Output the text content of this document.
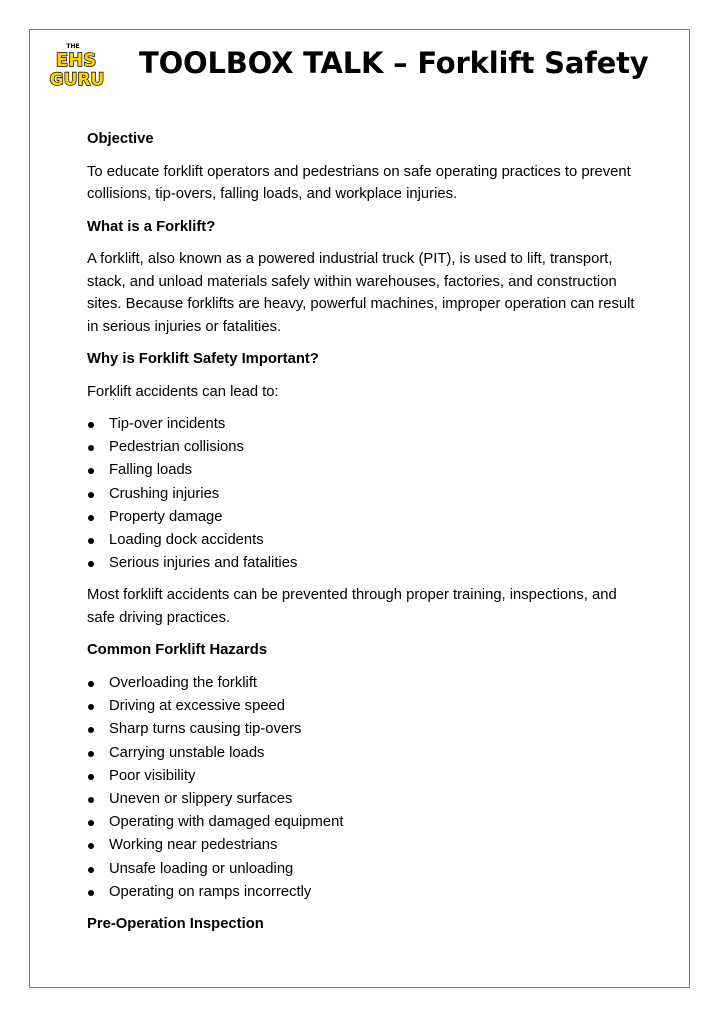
THE
EHS
GURU TOOLBOX TALK – Forklift Safety

Objective

To educate forklift operators and pedestrians on safe operating practices to prevent collisions, tip-overs, falling loads, and workplace injuries.

What is a Forklift?

A forklift, also known as a powered industrial truck (PIT), is used to lift, transport, stack, and unload materials safely within warehouses, factories, and construction sites. Because forklifts are heavy, powerful machines, improper operation can result in serious injuries or fatalities.

Why is Forklift Safety Important?

Forklift accidents can lead to:

Tip-over incidents
Pedestrian collisions
Falling loads
Crushing injuries
Property damage
Loading dock accidents
Serious injuries and fatalities

Most forklift accidents can be prevented through proper training, inspections, and safe driving practices.

Common Forklift Hazards

Overloading the forklift
Driving at excessive speed
Sharp turns causing tip-overs
Carrying unstable loads
Poor visibility
Uneven or slippery surfaces
Operating with damaged equipment
Working near pedestrians
Unsafe loading or unloading
Operating on ramps incorrectly

Pre-Operation Inspection
